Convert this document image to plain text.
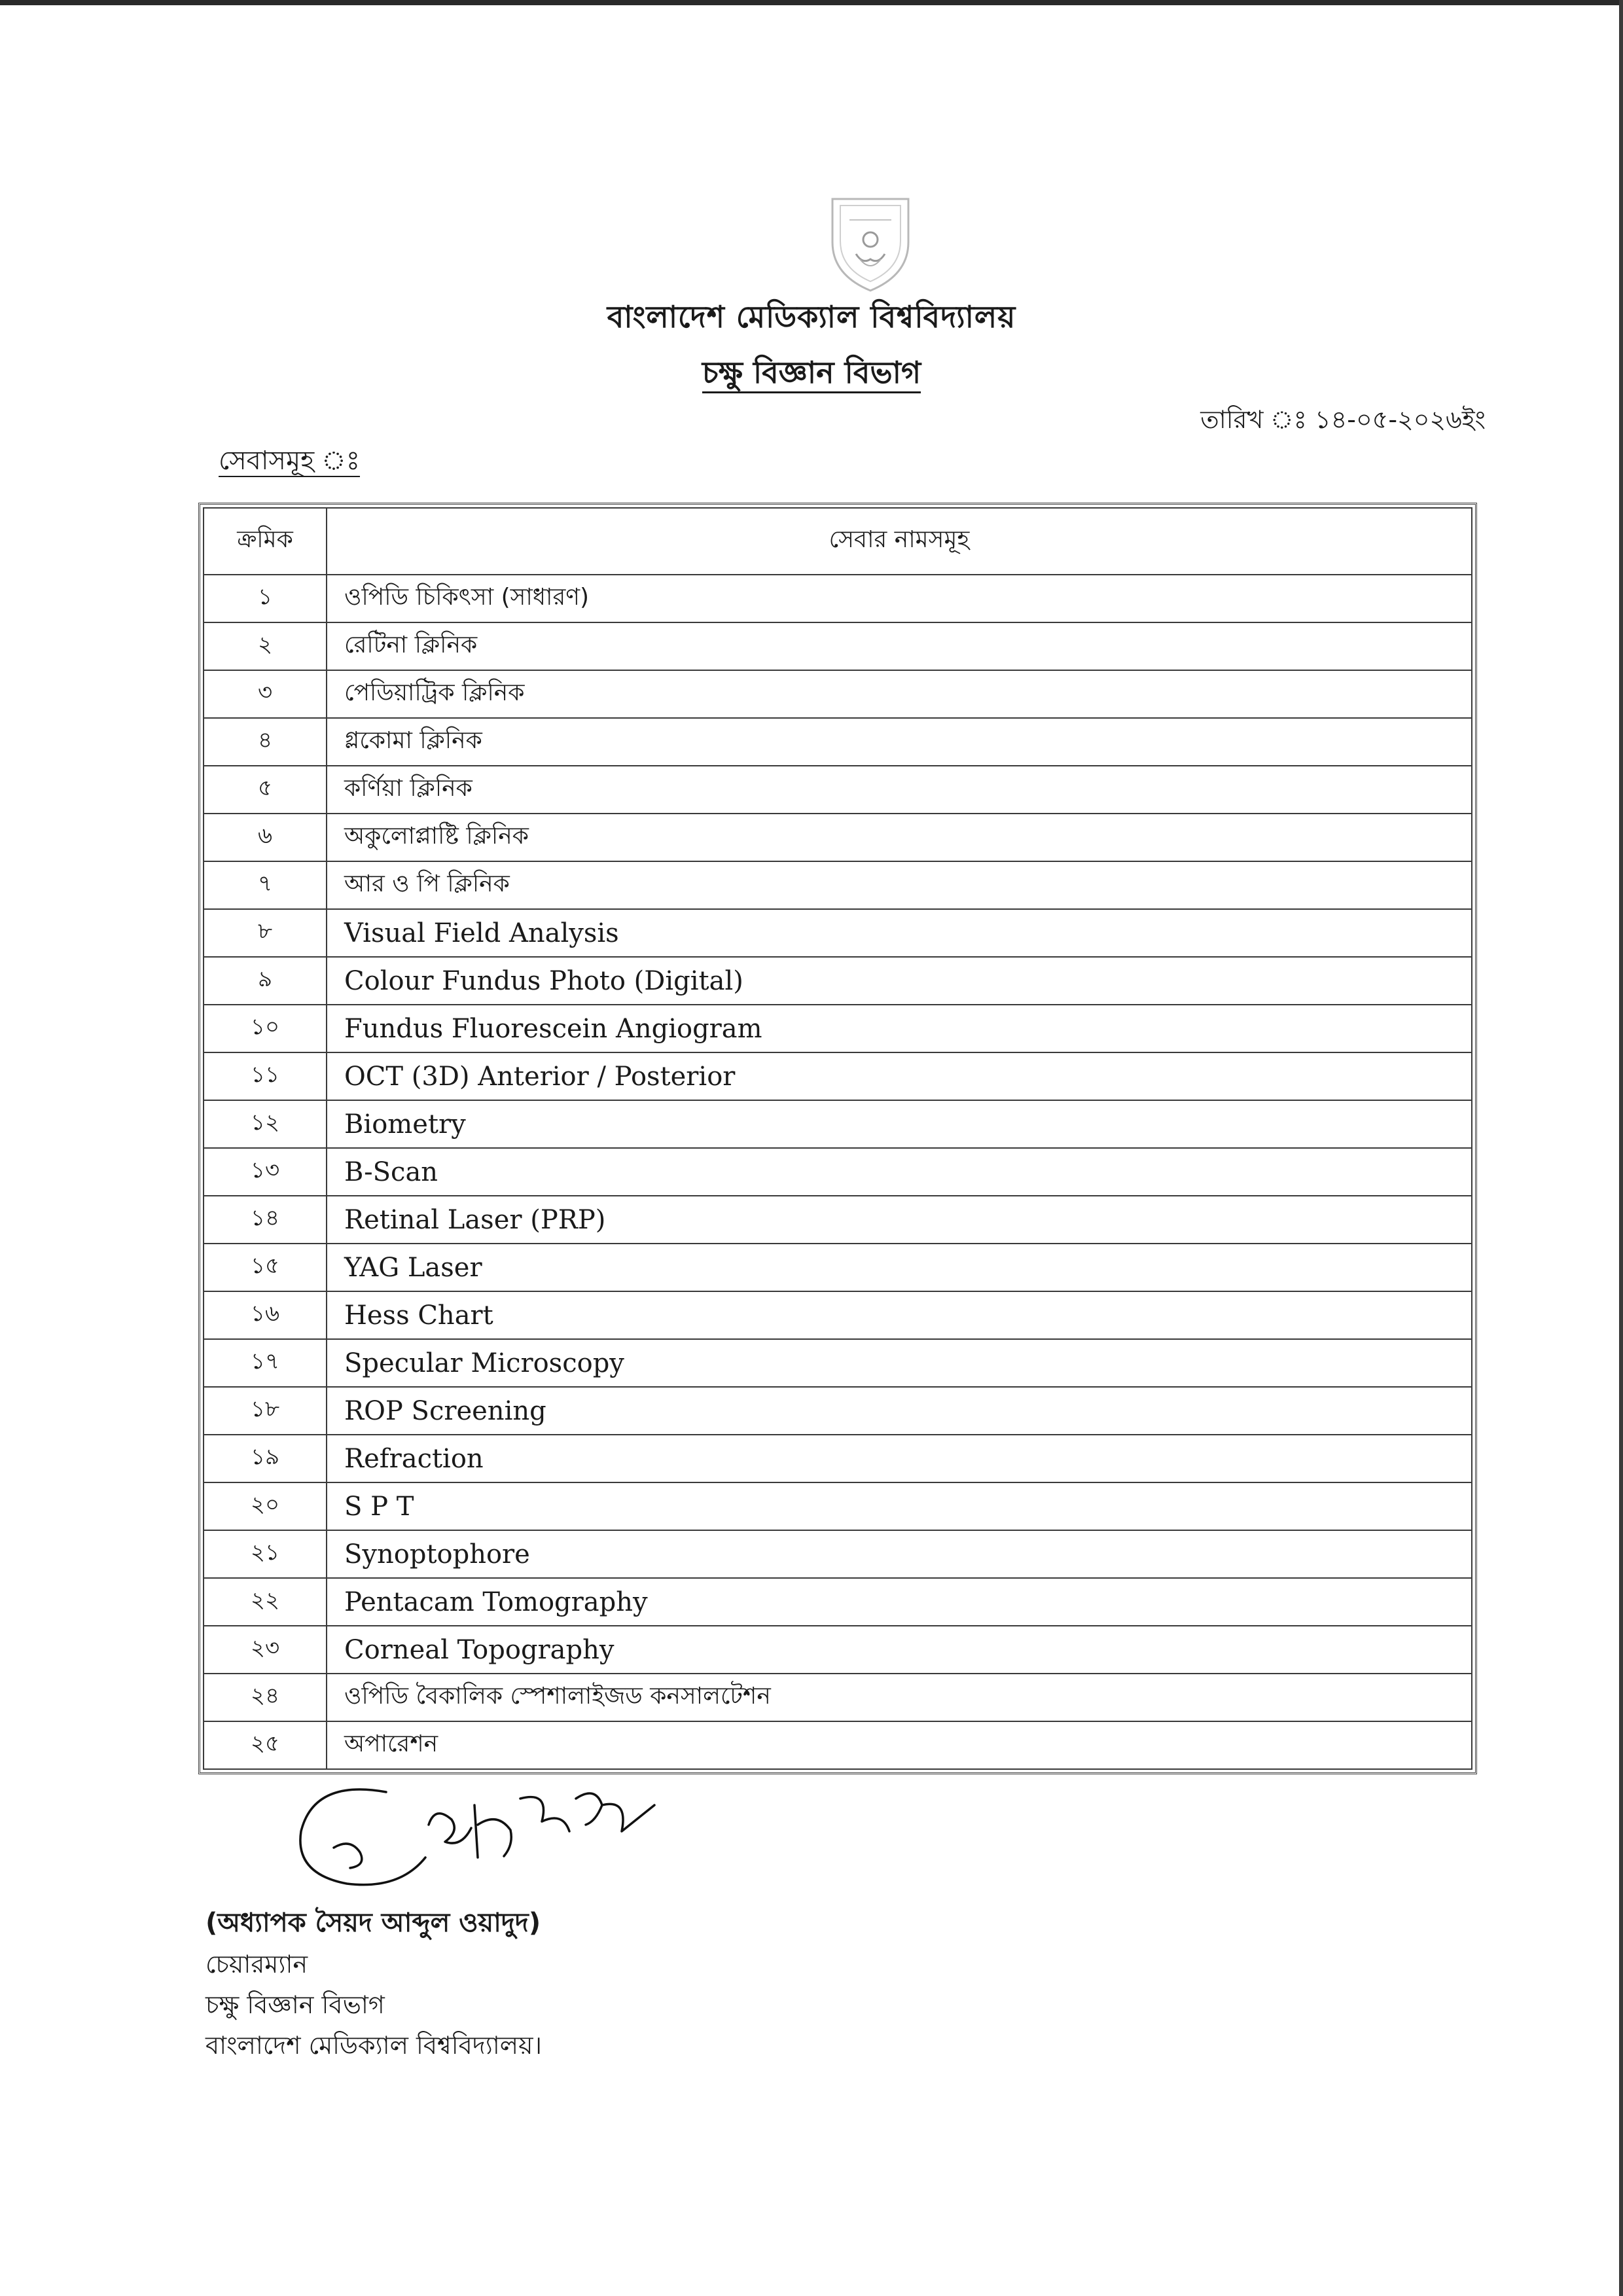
বাংলাদেশ মেডিক্যাল বিশ্ববিদ্যালয়
চক্ষু বিজ্ঞান বিভাগ
তারিখ ঃ ১৪-০৫-২০২৬ইং
সেবাসমূহ ঃ
ক্রমিক	সেবার নামসমূহ
১	ওপিডি চিকিৎসা (সাধারণ)
২	রেটিনা ক্লিনিক
৩	পেডিয়াট্রিক ক্লিনিক
৪	গ্লকোমা ক্লিনিক
৫	কর্ণিয়া ক্লিনিক
৬	অকুলোপ্লাষ্টি ক্লিনিক
৭	আর ও পি ক্লিনিক
৮	Visual Field Analysis
৯	Colour Fundus Photo (Digital)
১০	Fundus Fluorescein Angiogram
১১	OCT (3D) Anterior / Posterior
১২	Biometry
১৩	B-Scan
১৪	Retinal Laser (PRP)
১৫	YAG Laser
১৬	Hess Chart
১৭	Specular Microscopy
১৮	ROP Screening
১৯	Refraction
২০	S P T
২১	Synoptophore
২২	Pentacam Tomography
২৩	Corneal Topography
২৪	ওপিডি বৈকালিক স্পেশালাইজড কনসালটেশন
২৫	অপারেশন
(অধ্যাপক সৈয়দ আব্দুল ওয়াদুদ)
চেয়ারম্যান
চক্ষু বিজ্ঞান বিভাগ
বাংলাদেশ মেডিক্যাল বিশ্ববিদ্যালয়।
